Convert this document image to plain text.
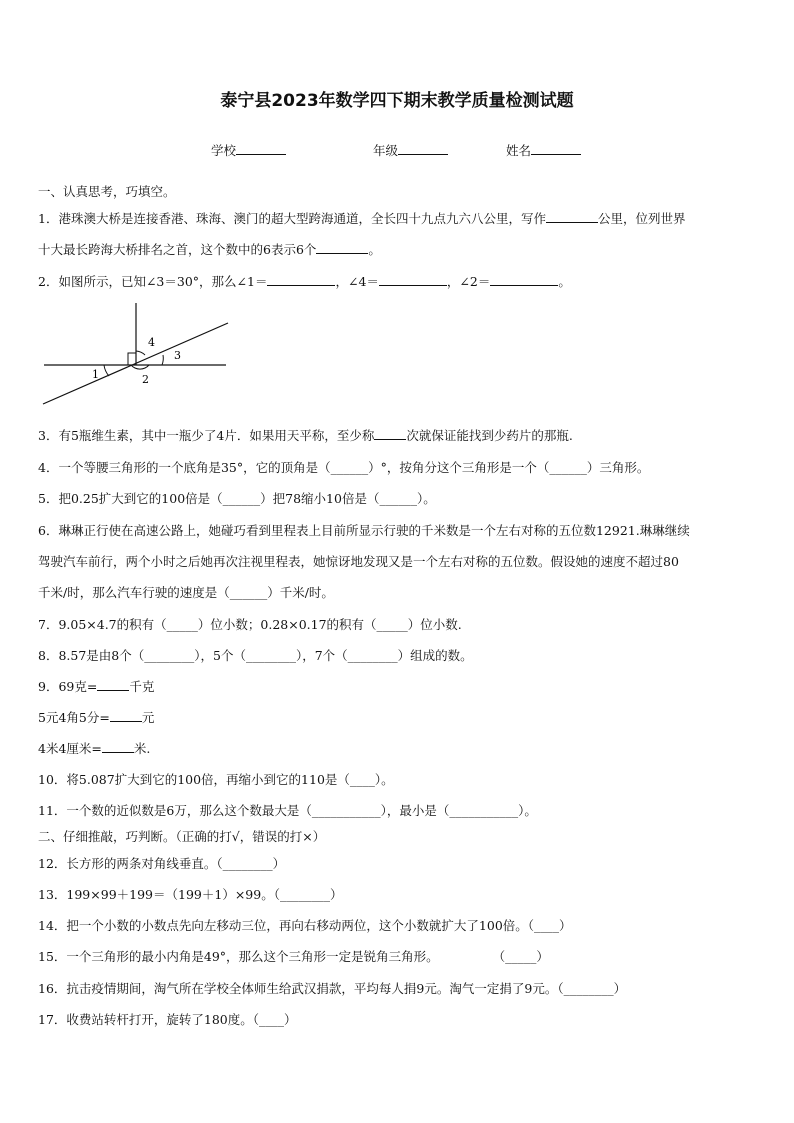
泰宁县2023年数学四下期末教学质量检测试题
学校	年级	姓名
一、认真思考，巧填空。
1．港珠澳大桥是连接香港、珠海、澳门的超大型跨海通道，全长四十九点九六八公里，写作	公里，位列世界
十大最长跨海大桥排名之首，这个数中的6表示6个	。
2．如图所示，已知∠3＝30°，那么∠1＝	，∠4＝	，∠2＝	。
1	2
3
4
3．有5瓶维生素，其中一瓶少了4片．如果用天平称，至少称	次就保证能找到少药片的那瓶.
4．一个等腰三角形的一个底角是35°，它的顶角是（______）°，按角分这个三角形是一个（______）三角形。
5．把0.25扩大到它的100倍是（______）把78缩小10倍是（______）。
6．琳琳正行使在高速公路上，她碰巧看到里程表上目前所显示行驶的千米数是一个左右对称的五位数12921.琳琳继续
驾驶汽车前行，两个小时之后她再次注视里程表，她惊讶地发现又是一个左右对称的五位数。假设她的速度不超过80
千米/时，那么汽车行驶的速度是（______）千米/时。
7．9.05×4.7的积有（_____）位小数；0.28×0.17的积有（_____）位小数.
8．8.57是由8个（________），5个（________），7个（________）组成的数。
9．69克=	千克
5元4角5分=	元
4米4厘米=	米.
10．将5.087扩大到它的100倍，再缩小到它的110是（____）。
11．一个数的近似数是6万，那么这个数最大是（___________），最小是（___________）。
二、仔细推敲，巧判断。（正确的打√，错误的打×）
12．长方形的两条对角线垂直。（________）
13．199×99＋199＝（199＋1）×99。（________）
14．把一个小数的小数点先向左移动三位，再向右移动两位，这个小数就扩大了100倍。（____）
15．一个三角形的最小内角是49°，那么这个三角形一定是锐角三角形。	（_____）
16．抗击疫情期间，淘气所在学校全体师生给武汉捐款，平均每人捐9元。淘气一定捐了9元。（________）
17．收费站转杆打开，旋转了180度。（____）
